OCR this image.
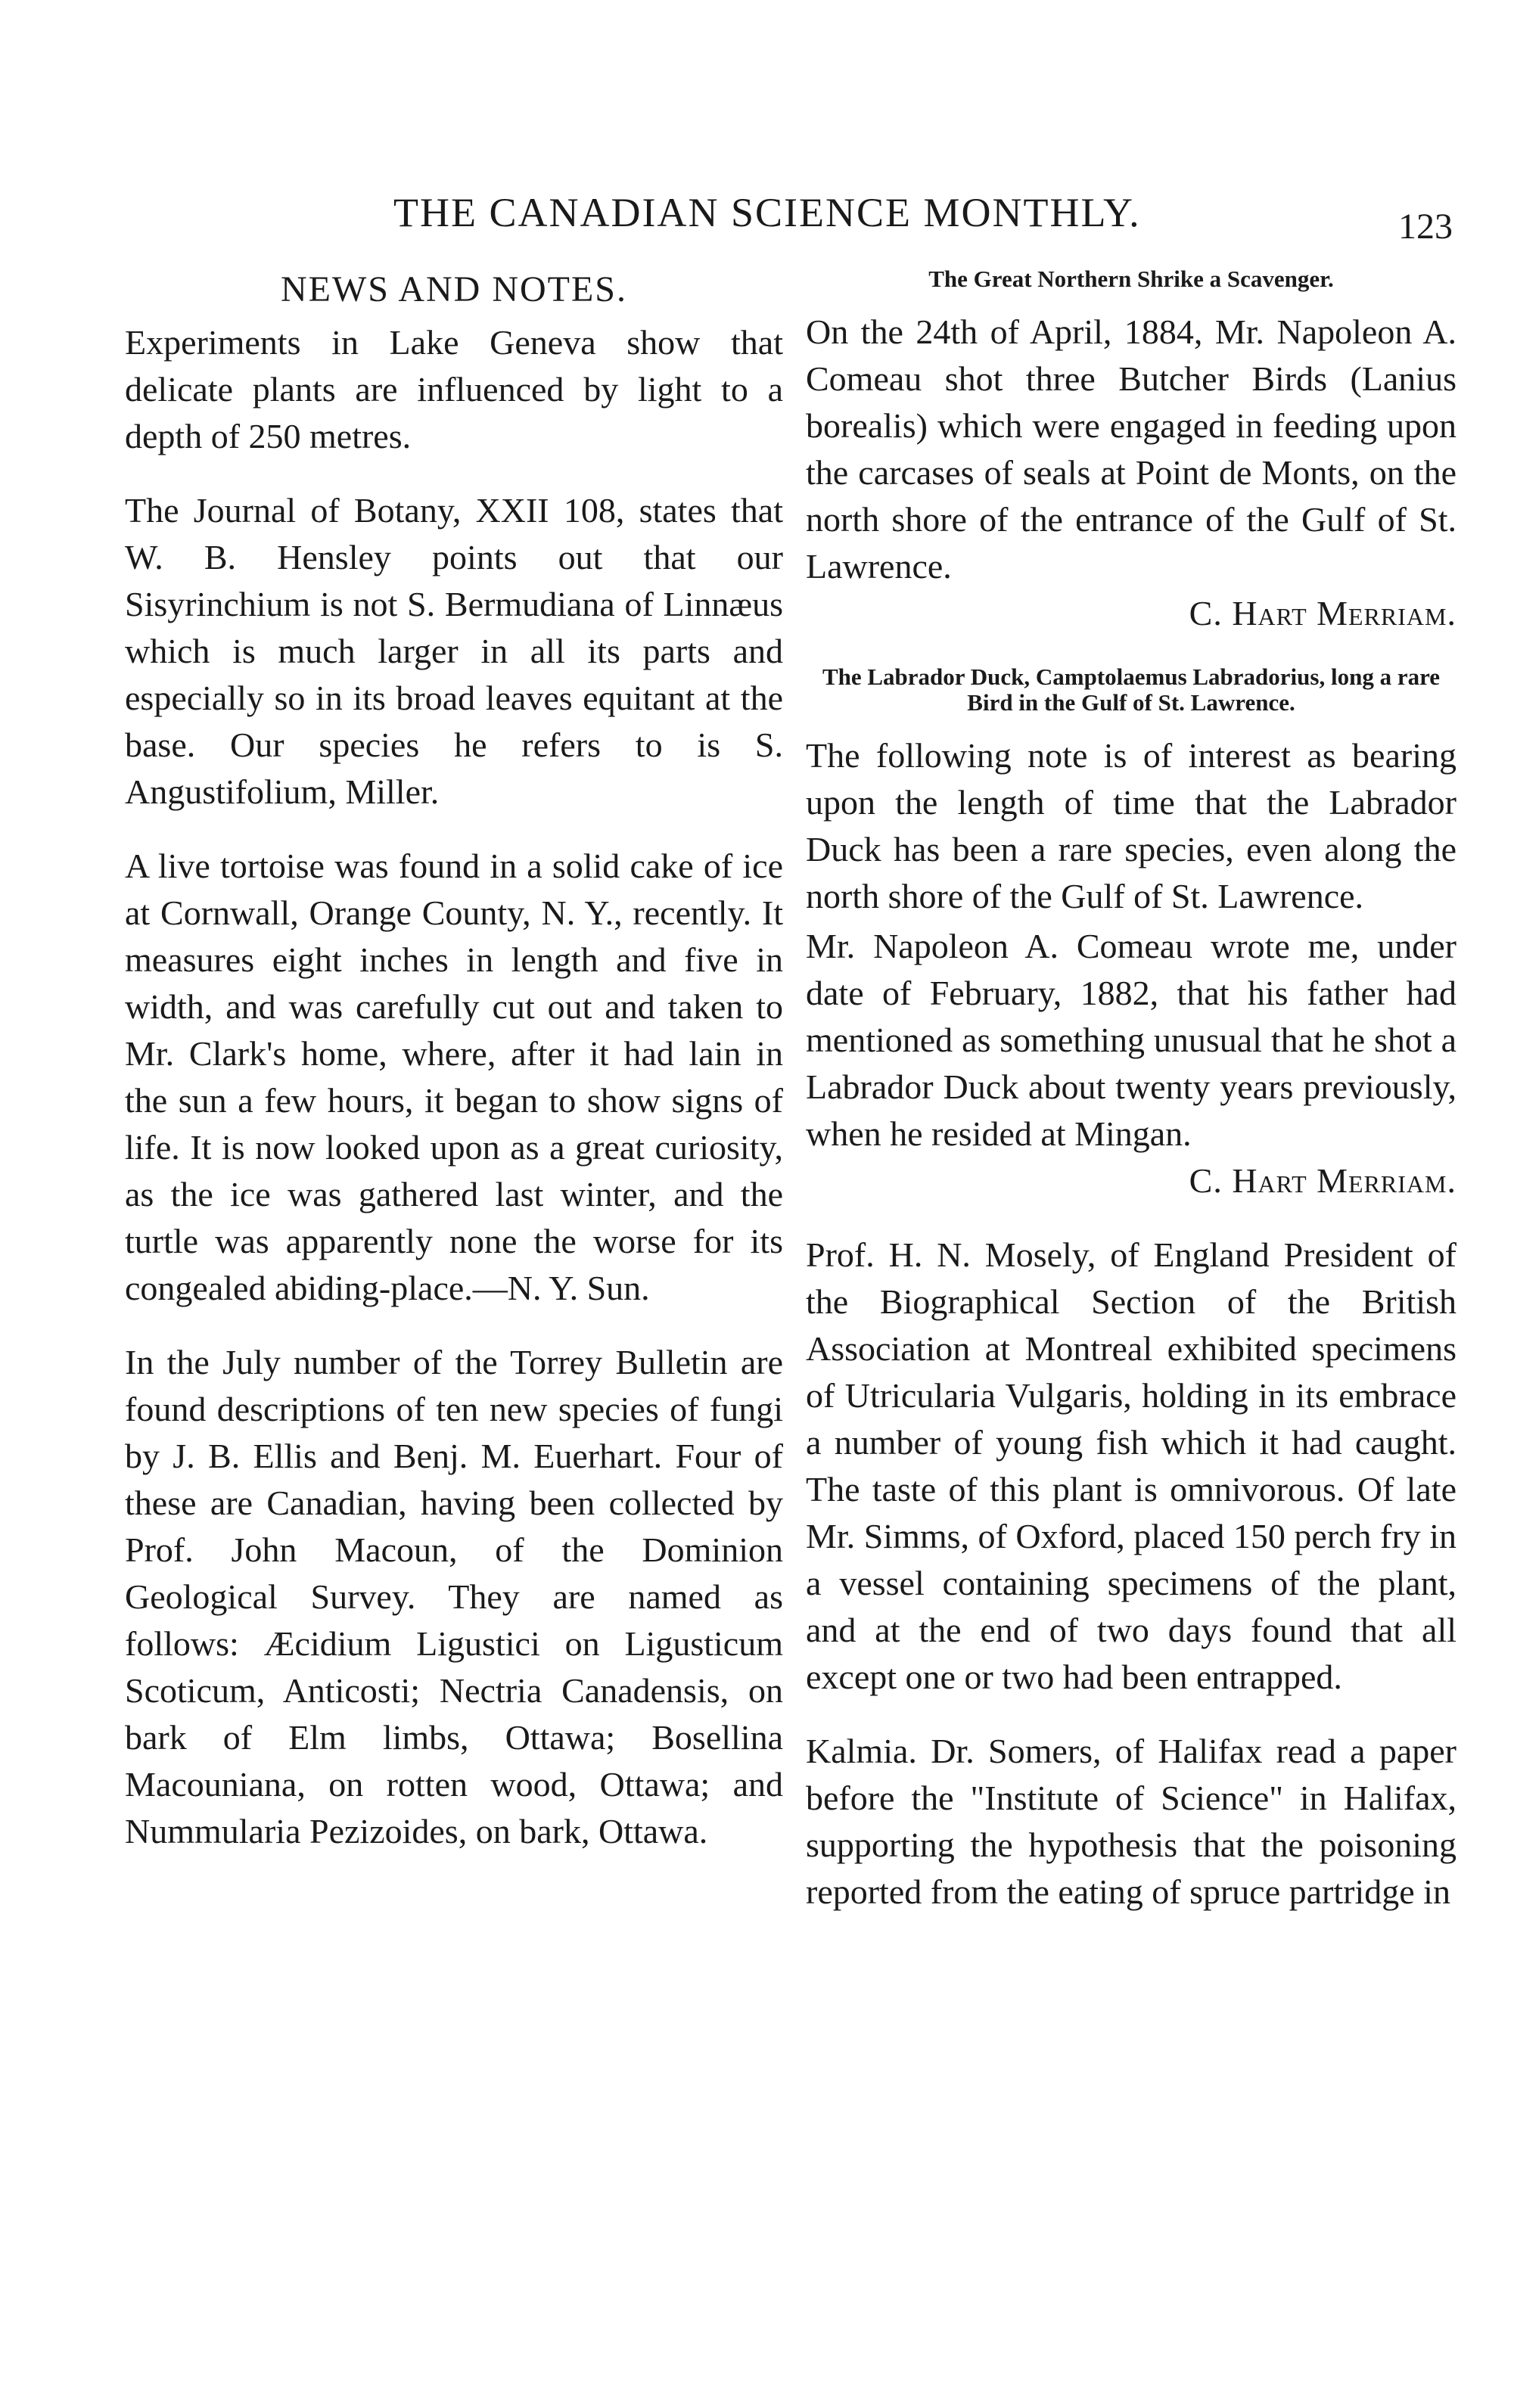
THE CANADIAN SCIENCE MONTHLY.	123
NEWS AND NOTES.

Experiments in Lake Geneva show that delicate plants are influenced by light to a depth of 250 metres.

The Journal of Botany, XXII 108, states that W. B. Hensley points out that our Sisyrinchium is not S. Bermudiana of Linnæus which is much larger in all its parts and especially so in its broad leaves equitant at the base. Our species he refers to is S. Angustifolium, Miller.

A live tortoise was found in a solid cake of ice at Cornwall, Orange County, N. Y., recently. It measures eight inches in length and five in width, and was carefully cut out and taken to Mr. Clark's home, where, after it had lain in the sun a few hours, it began to show signs of life. It is now looked upon as a great curiosity, as the ice was gathered last winter, and the turtle was apparently none the worse for its congealed abiding-place.—N. Y. Sun.

In the July number of the Torrey Bulletin are found descriptions of ten new species of fungi by J. B. Ellis and Benj. M. Euerhart. Four of these are Canadian, having been collected by Prof. John Macoun, of the Dominion Geological Survey. They are named as follows: Æcidium Ligustici on Ligusticum Scoticum, Anticosti; Nectria Canadensis, on bark of Elm limbs, Ottawa; Bosellina Macouniana, on rotten wood, Ottawa; and Nummularia Pezizoides, on bark, Ottawa.

The Great Northern Shrike a Scavenger.

On the 24th of April, 1884, Mr. Napoleon A. Comeau shot three Butcher Birds (Lanius borealis) which were engaged in feeding upon the carcases of seals at Point de Monts, on the north shore of the entrance of the Gulf of St. Lawrence.

C. Hart Merriam.
The Labrador Duck, Camptolaemus Labradorius, long a rare Bird in the Gulf of St. Lawrence.

The following note is of interest as bearing upon the length of time that the Labrador Duck has been a rare species, even along the north shore of the Gulf of St. Lawrence.

Mr. Napoleon A. Comeau wrote me, under date of February, 1882, that his father had mentioned as something unusual that he shot a Labrador Duck about twenty years previously, when he resided at Mingan.

C. Hart Merriam.

Prof. H. N. Mosely, of England President of the Biographical Section of the British Association at Montreal exhibited specimens of Utricularia Vulgaris, holding in its embrace a number of young fish which it had caught. The taste of this plant is omnivorous. Of late Mr. Simms, of Oxford, placed 150 perch fry in a vessel containing specimens of the plant, and at the end of two days found that all except one or two had been entrapped.

Kalmia. Dr. Somers, of Halifax read a paper before the "Institute of Science" in Halifax, supporting the hypothesis that the poisoning reported from the eating of spruce partridge in
